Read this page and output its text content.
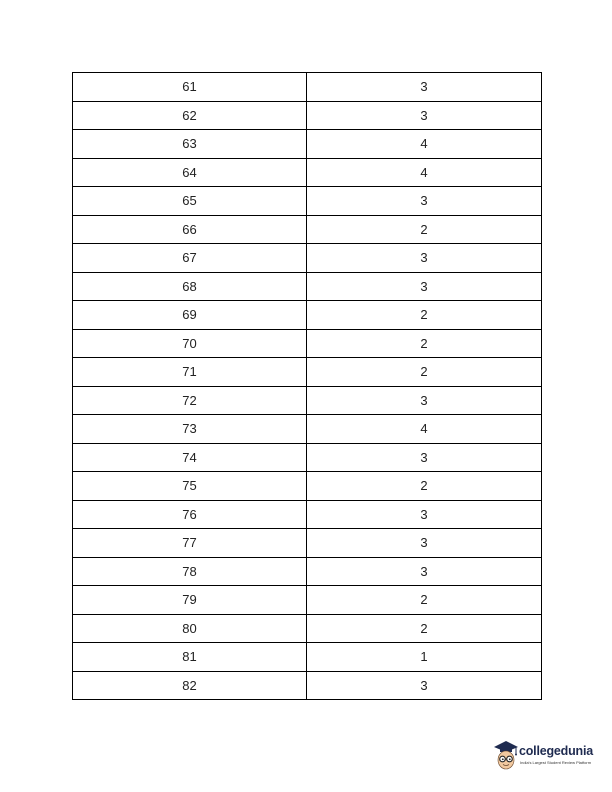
61	3
62	3
63	4
64	4
65	3
66	2
67	3
68	3
69	2
70	2
71	2
72	3
73	4
74	3
75	2
76	3
77	3
78	3
79	2
80	2
81	1
82	3
collegedunia
India's Largest Student Review Platform
